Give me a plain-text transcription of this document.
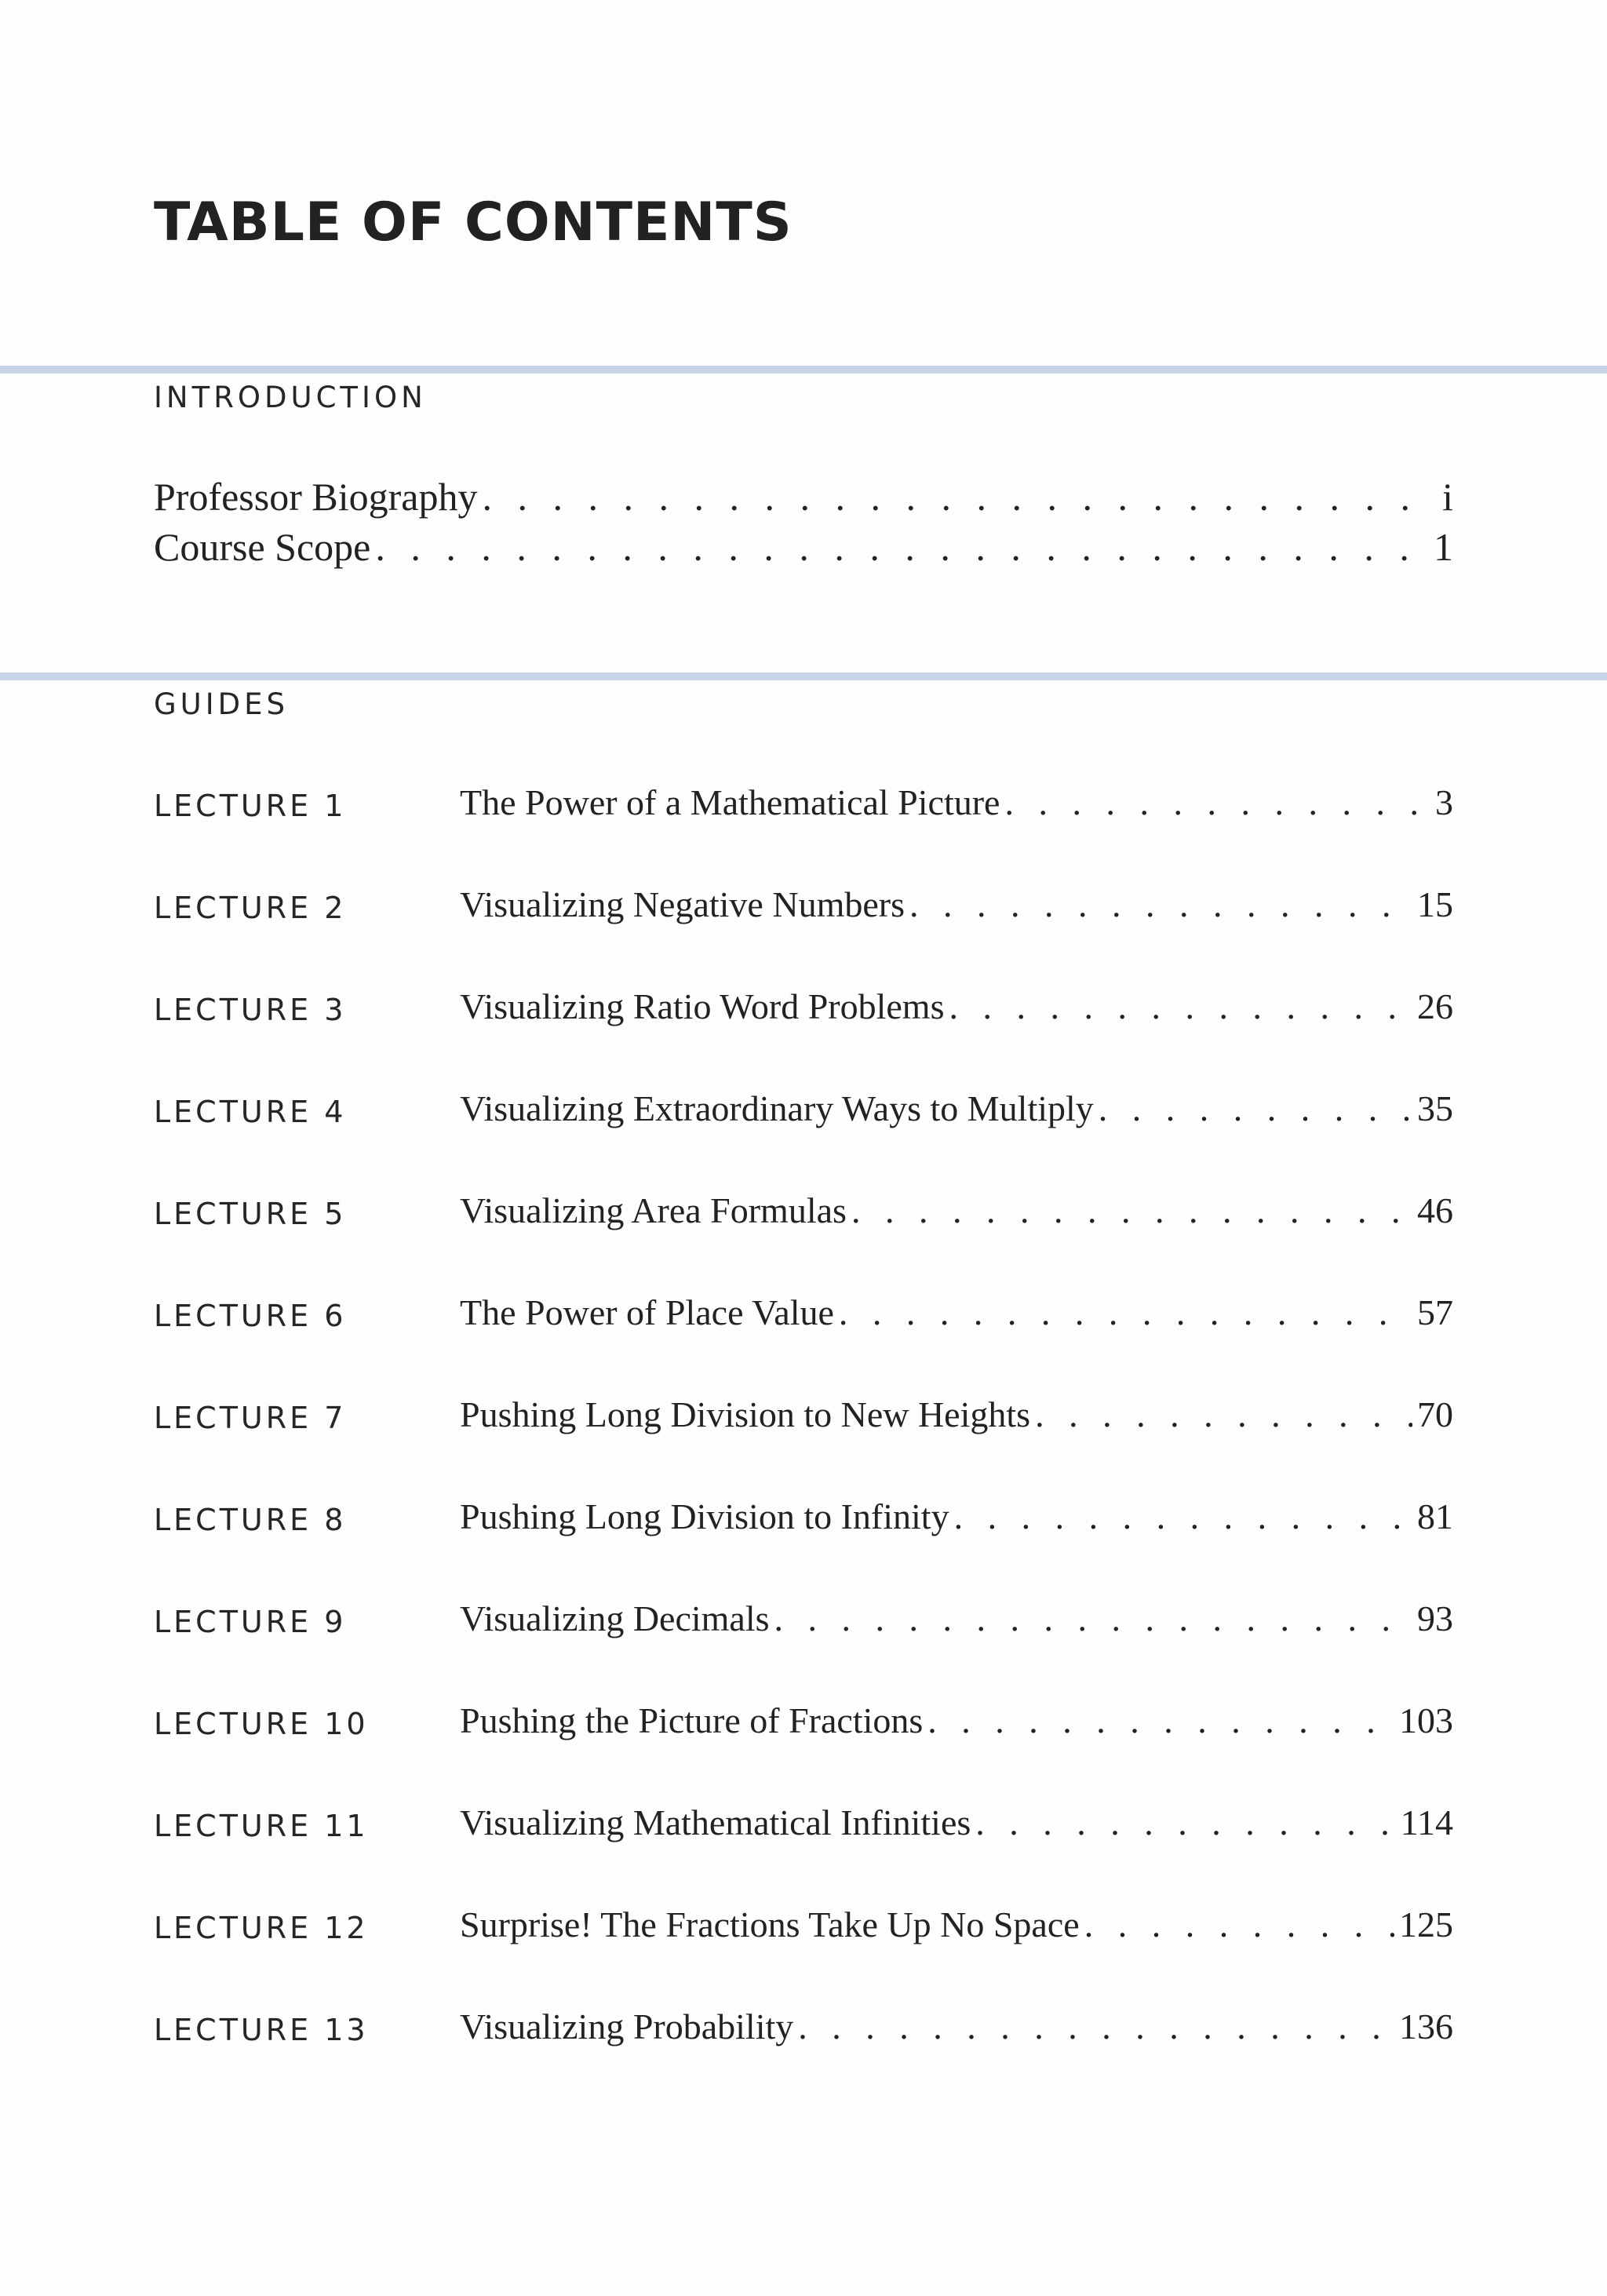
TABLE OF CONTENTS
INTRODUCTION
Professor Biography . . .	i
Course Scope . . .	1
GUIDES
LECTURE 1	The Power of a Mathematical Picture . . .	3
LECTURE 2	Visualizing Negative Numbers . . .	15
LECTURE 3	Visualizing Ratio Word Problems . . .	26
LECTURE 4	Visualizing Extraordinary Ways to Multiply . . .	35
LECTURE 5	Visualizing Area Formulas . . .	46
LECTURE 6	The Power of Place Value . . .	57
LECTURE 7	Pushing Long Division to New Heights . . .	70
LECTURE 8	Pushing Long Division to Infinity . . .	81
LECTURE 9	Visualizing Decimals . . .	93
LECTURE 10	Pushing the Picture of Fractions . . .	103
LECTURE 11	Visualizing Mathematical Infinities . . .	114
LECTURE 12	Surprise! The Fractions Take Up No Space . . .	125
LECTURE 13	Visualizing Probability . . .	136
